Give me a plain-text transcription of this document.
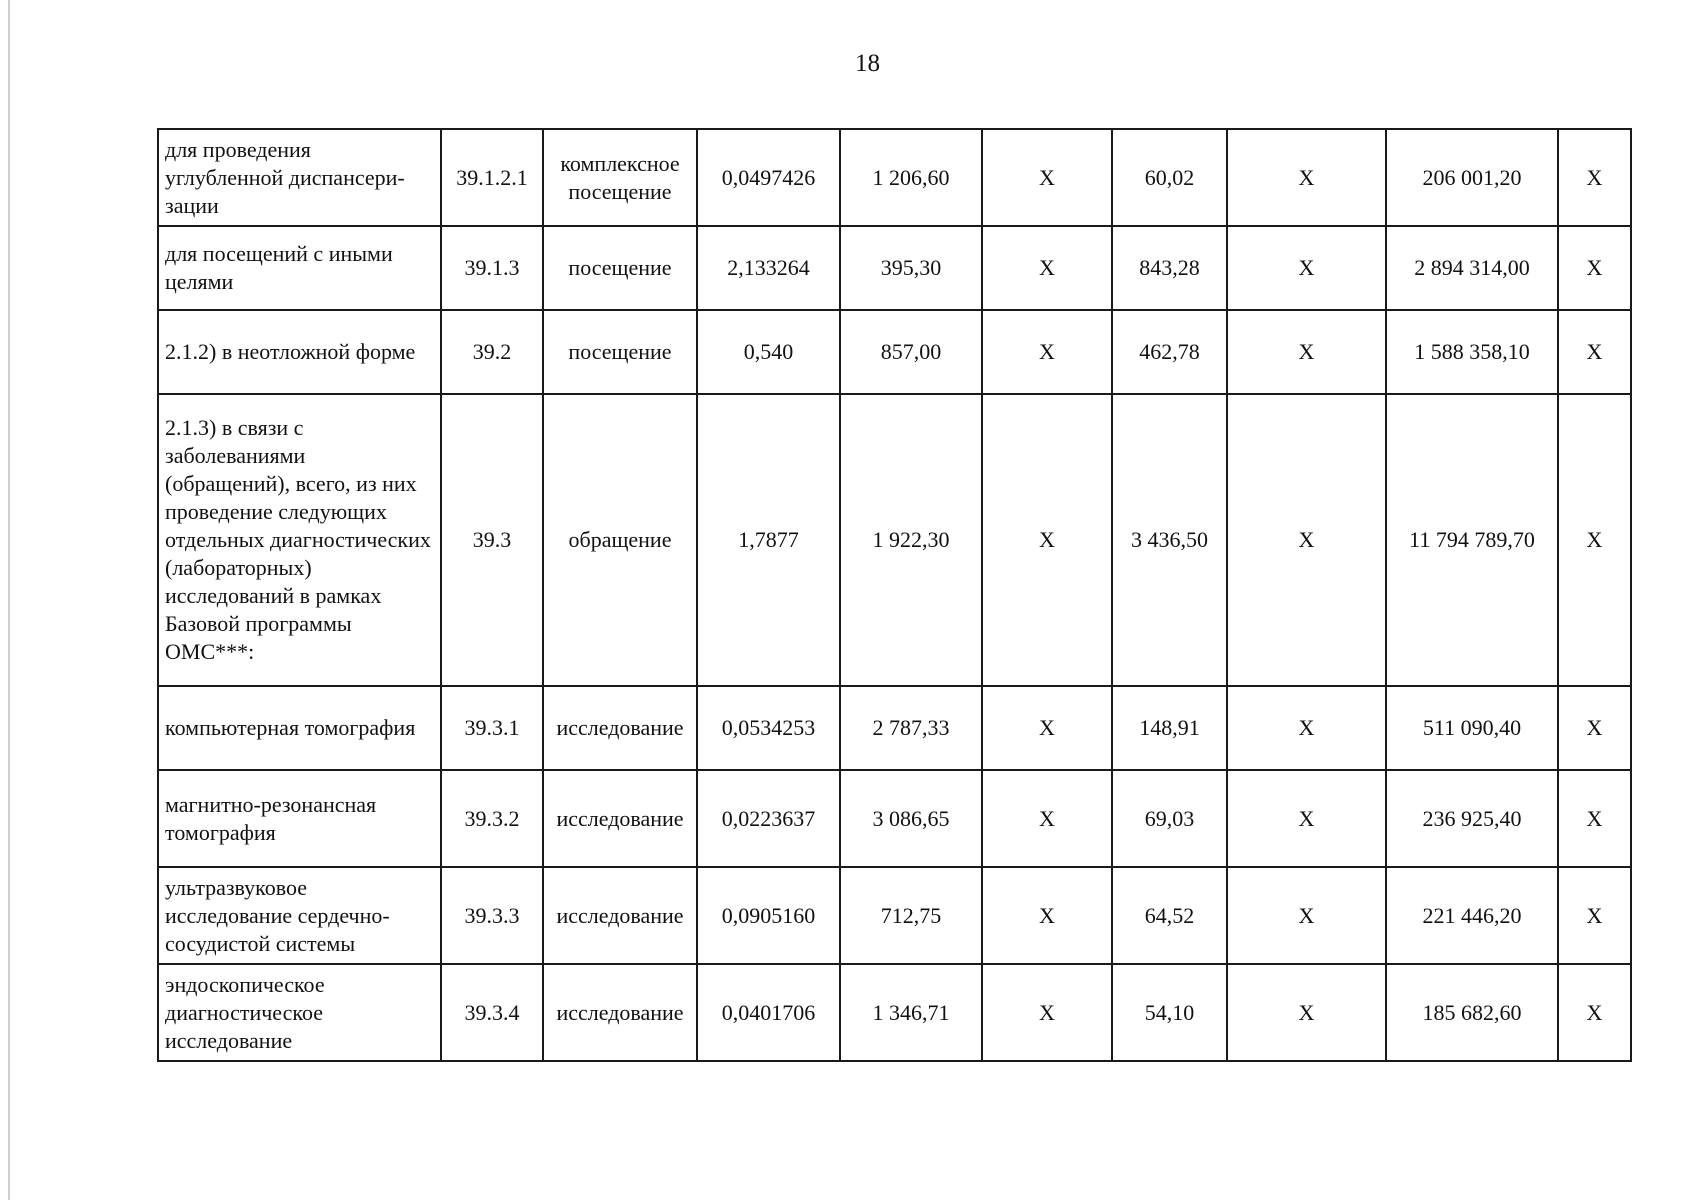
18
для проведения углубленной диспансери-зации	39.1.2.1	комплексное посещение	0,0497426	1 206,60	Х	60,02	Х	206 001,20	Х
для посещений с иными целями	39.1.3	посещение	2,133264	395,30	Х	843,28	Х	2 894 314,00	Х
2.1.2) в неотложной форме	39.2	посещение	0,540	857,00	Х	462,78	Х	1 588 358,10	Х
2.1.3) в связи с заболеваниями (обращений), всего, из них проведение следующих отдельных диагностических (лабораторных) исследований в рамках Базовой программы ОМС***:	39.3	обращение	1,7877	1 922,30	Х	3 436,50	Х	11 794 789,70	Х
компьютерная томография	39.3.1	исследование	0,0534253	2 787,33	Х	148,91	Х	511 090,40	Х
магнитно-резонансная томография	39.3.2	исследование	0,0223637	3 086,65	Х	69,03	Х	236 925,40	Х
ультразвуковое исследование сердечно-сосудистой системы	39.3.3	исследование	0,0905160	712,75	Х	64,52	Х	221 446,20	Х
эндоскопическое диагностическое исследование	39.3.4	исследование	0,0401706	1 346,71	Х	54,10	Х	185 682,60	Х
